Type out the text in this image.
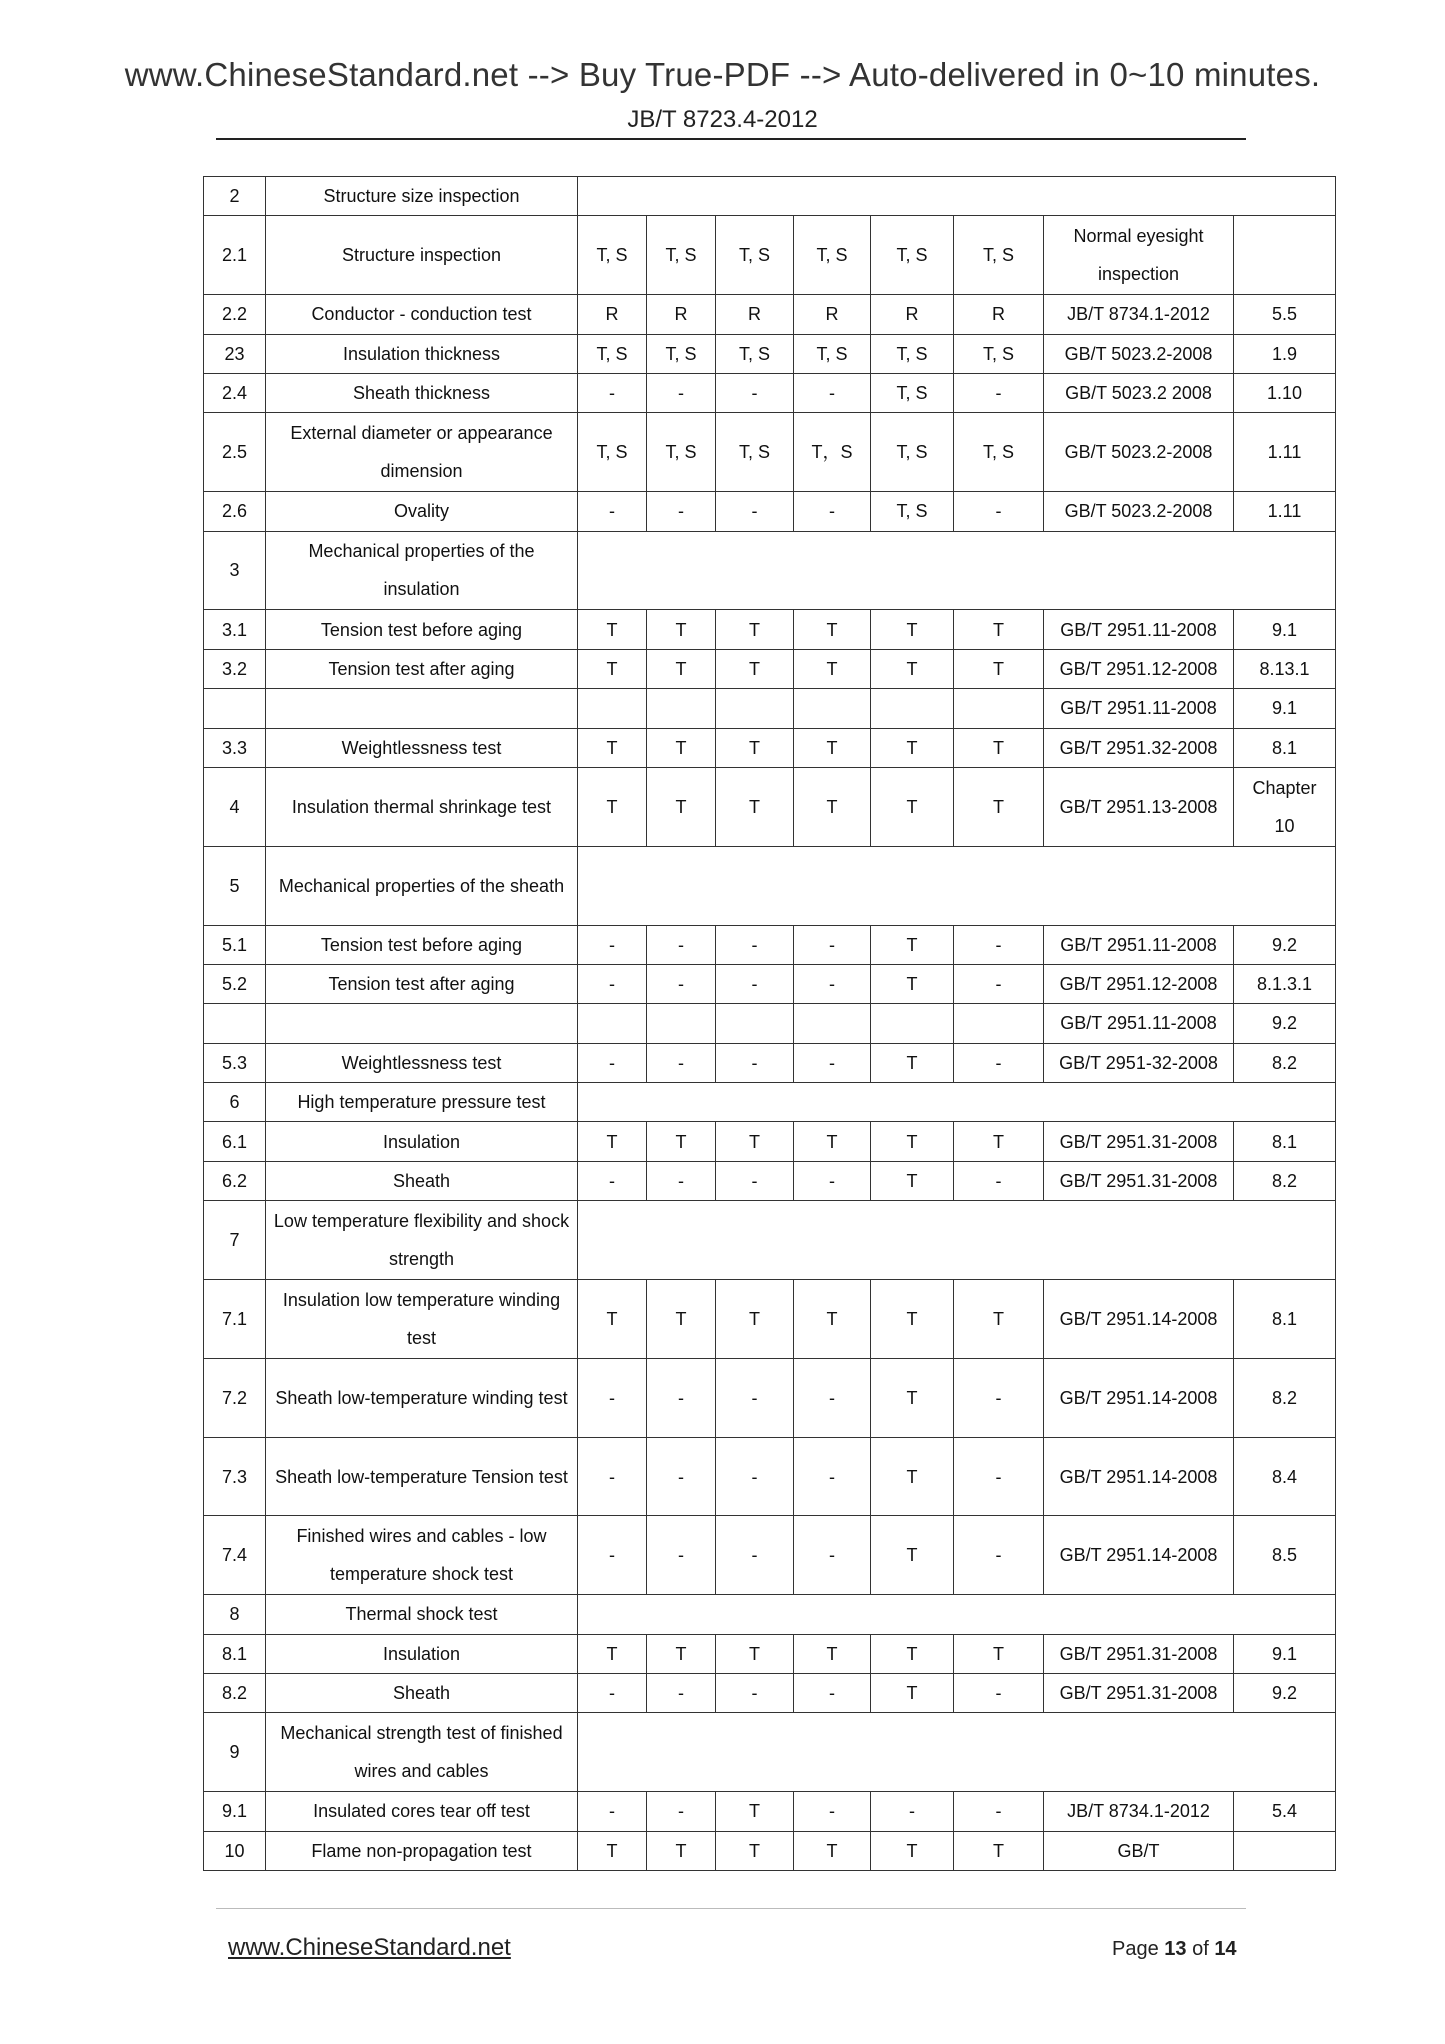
www.ChineseStandard.net --> Buy True-PDF --> Auto-delivered in 0~10 minutes.
JB/T 8723.4-2012
2	Structure size inspection								
2.1	Structure inspection	T, S	T, S	T, S	T, S	T, S	T, S	Normal eyesight inspection	
2.2	Conductor - conduction test	R	R	R	R	R	R	JB/T 8734.1-2012	5.5
23	Insulation thickness	T, S	T, S	T, S	T, S	T, S	T, S	GB/T 5023.2-2008	1.9
2.4	Sheath thickness	-	-	-	-	T, S	-	GB/T 5023.2 2008	1.10
2.5	External diameter or appearance dimension	T, S	T, S	T, S	T，S	T, S	T, S	GB/T 5023.2-2008	1.11
2.6	Ovality	-	-	-	-	T, S	-	GB/T 5023.2-2008	1.11
3	Mechanical properties of the insulation								
3.1	Tension test before aging	T	T	T	T	T	T	GB/T 2951.11-2008	9.1
3.2	Tension test after aging	T	T	T	T	T	T	GB/T 2951.12-2008	8.13.1
								GB/T 2951.11-2008	9.1
3.3	Weightlessness test	T	T	T	T	T	T	GB/T 2951.32-2008	8.1
4	Insulation thermal shrinkage test	T	T	T	T	T	T	GB/T 2951.13-2008	Chapter 10
5	Mechanical properties of the sheath								
5.1	Tension test before aging	-	-	-	-	T	-	GB/T 2951.11-2008	9.2
5.2	Tension test after aging	-	-	-	-	T	-	GB/T 2951.12-2008	8.1.3.1
								GB/T 2951.11-2008	9.2
5.3	Weightlessness test	-	-	-	-	T	-	GB/T 2951-32-2008	8.2
6	High temperature pressure test								
6.1	Insulation	T	T	T	T	T	T	GB/T 2951.31-2008	8.1
6.2	Sheath	-	-	-	-	T	-	GB/T 2951.31-2008	8.2
7	Low temperature flexibility and shock strength								
7.1	Insulation low temperature winding test	T	T	T	T	T	T	GB/T 2951.14-2008	8.1
7.2	Sheath low-temperature winding test	-	-	-	-	T	-	GB/T 2951.14-2008	8.2
7.3	Sheath low-temperature Tension test	-	-	-	-	T	-	GB/T 2951.14-2008	8.4
7.4	Finished wires and cables - low temperature shock test	-	-	-	-	T	-	GB/T 2951.14-2008	8.5
8	Thermal shock test								
8.1	Insulation	T	T	T	T	T	T	GB/T 2951.31-2008	9.1
8.2	Sheath	-	-	-	-	T	-	GB/T 2951.31-2008	9.2
9	Mechanical strength test of finished wires and cables								
9.1	Insulated cores tear off test	-	-	T	-	-	-	JB/T 8734.1-2012	5.4
10	Flame non-propagation test	T	T	T	T	T	T	GB/T	
www.ChineseStandard.net	Page 13 of 14
